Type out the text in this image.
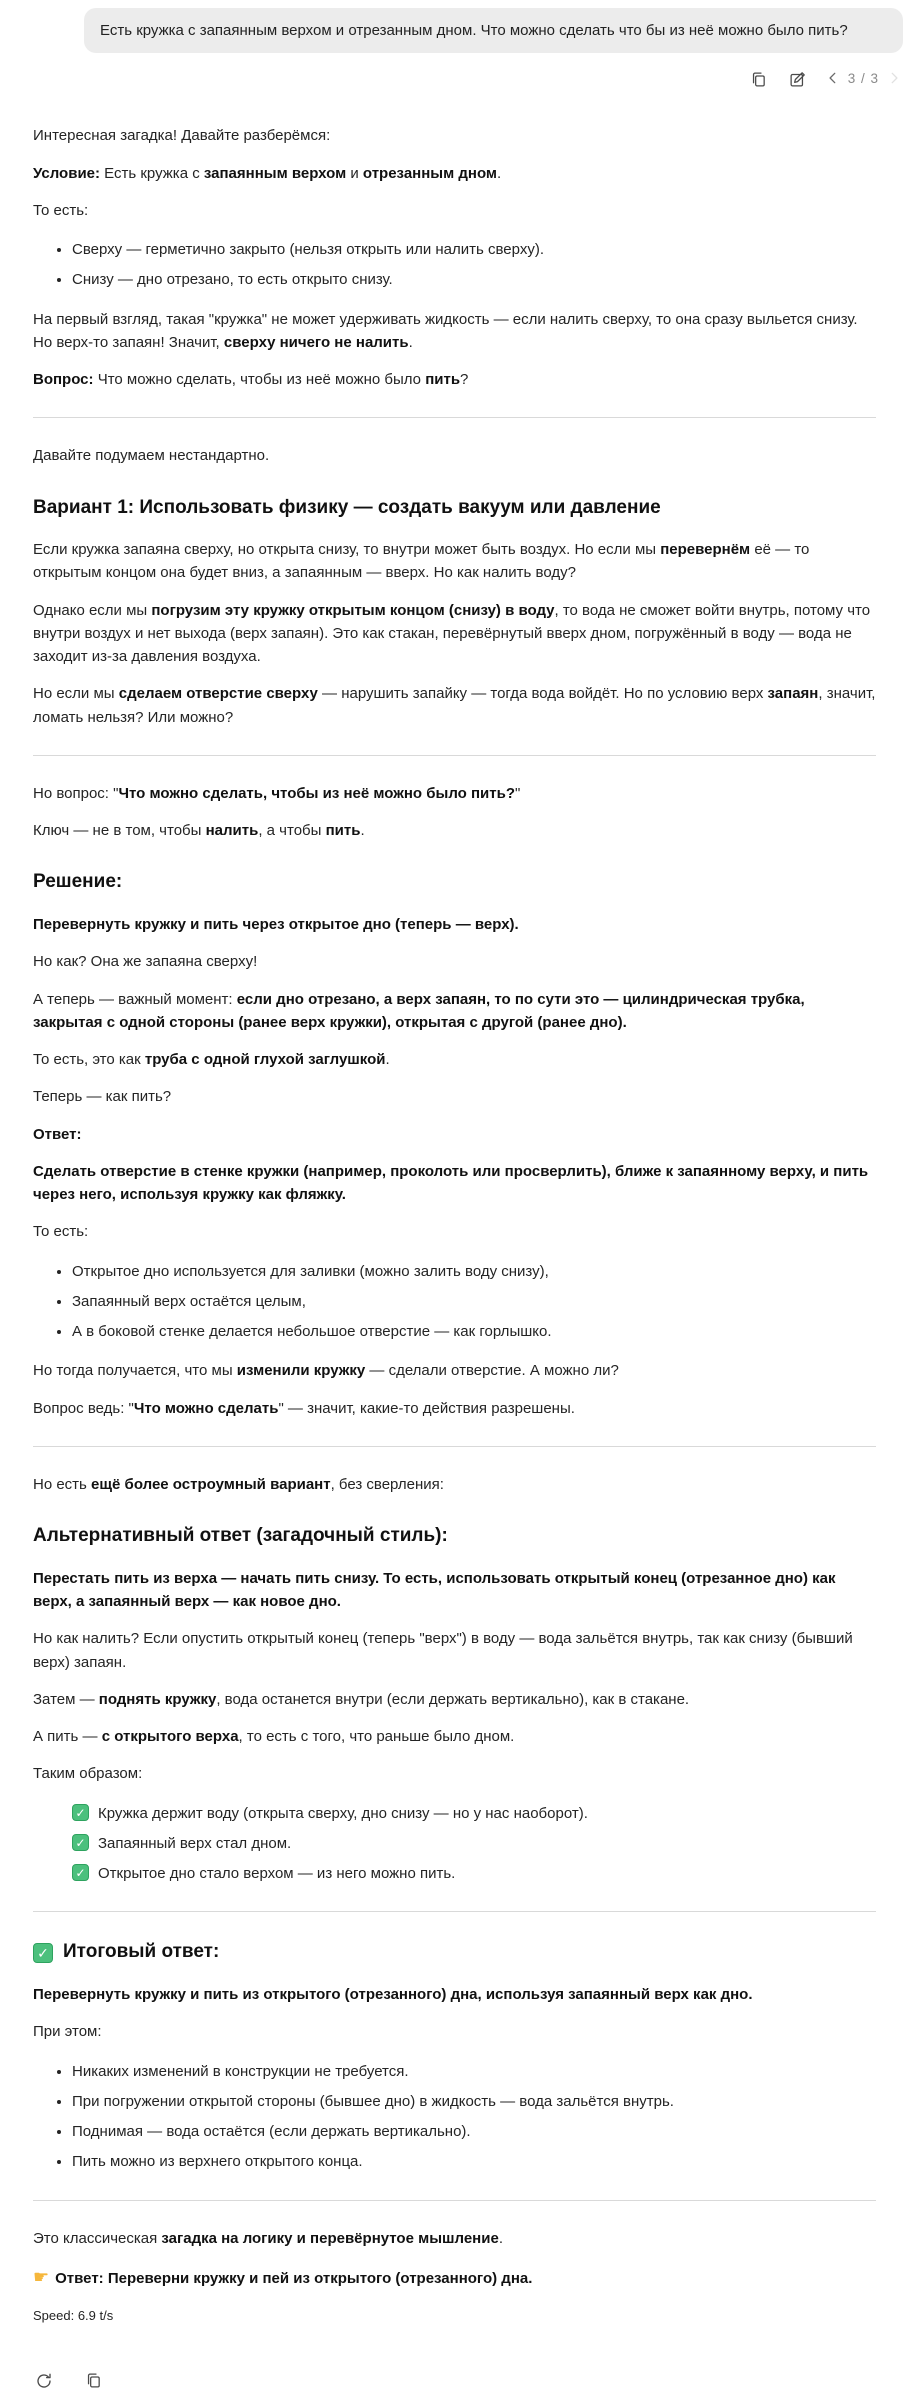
Есть кружка с запаянным верхом и отрезанным дном. Что можно сделать что бы из неё можно было пить?
3 / 3

Интересная загадка! Давайте разберёмся:

Условие: Есть кружка с запаянным верхом и отрезанным дном.

То есть:

• Сверху — герметично закрыто (нельзя открыть или налить сверху).
• Снизу — дно отрезано, то есть открыто снизу.

На первый взгляд, такая "кружка" не может удерживать жидкость — если налить сверху, то она сразу выльется снизу. Но верх-то запаян! Значит, сверху ничего не налить.

Вопрос: Что можно сделать, чтобы из неё можно было пить?

Давайте подумаем нестандартно.

Вариант 1: Использовать физику — создать вакуум или давление

Если кружка запаяна сверху, но открыта снизу, то внутри может быть воздух. Но если мы перевернём её — то открытым концом она будет вниз, а запаянным — вверх. Но как налить воду?

Однако если мы погрузим эту кружку открытым концом (снизу) в воду, то вода не сможет войти внутрь, потому что внутри воздух и нет выхода (верх запаян). Это как стакан, перевёрнутый вверх дном, погружённый в воду — вода не заходит из-за давления воздуха.

Но если мы сделаем отверстие сверху — нарушить запайку — тогда вода войдёт. Но по условию верх запаян, значит, ломать нельзя? Или можно?

Но вопрос: "Что можно сделать, чтобы из неё можно было пить?"

Ключ — не в том, чтобы налить, а чтобы пить.

Решение:

Перевернуть кружку и пить через открытое дно (теперь — верх).

Но как? Она же запаяна сверху!

А теперь — важный момент: если дно отрезано, а верх запаян, то по сути это — цилиндрическая трубка, закрытая с одной стороны (ранее верх кружки), открытая с другой (ранее дно).

То есть, это как труба с одной глухой заглушкой.

Теперь — как пить?

Ответ:

Сделать отверстие в стенке кружки (например, проколоть или просверлить), ближе к запаянному верху, и пить через него, используя кружку как фляжку.

То есть:

• Открытое дно используется для заливки (можно залить воду снизу),
• Запаянный верх остаётся целым,
• А в боковой стенке делается небольшое отверстие — как горлышко.

Но тогда получается, что мы изменили кружку — сделали отверстие. А можно ли?

Вопрос ведь: "Что можно сделать" — значит, какие-то действия разрешены.

Но есть ещё более остроумный вариант, без сверления:

Альтернативный ответ (загадочный стиль):

Перестать пить из верха — начать пить снизу. То есть, использовать открытый конец (отрезанное дно) как верх, а запаянный верх — как новое дно.

Но как налить? Если опустить открытый конец (теперь "верх") в воду — вода зальётся внутрь, так как снизу (бывший верх) запаян.

Затем — поднять кружку, вода останется внутри (если держать вертикально), как в стакане.

А пить — с открытого верха, то есть с того, что раньше было дном.

Таким образом:

✓ Кружка держит воду (открыта сверху, дно снизу — но у нас наоборот).
✓ Запаянный верх стал дном.
✓ Открытое дно стало верхом — из него можно пить.
✓ Итоговый ответ:

Перевернуть кружку и пить из открытого (отрезанного) дна, используя запаянный верх как дно.

При этом:

• Никаких изменений в конструкции не требуется.
• При погружении открытой стороны (бывшее дно) в жидкость — вода зальётся внутрь.
• Поднимая — вода остаётся (если держать вертикально).
• Пить можно из верхнего открытого конца.

Это классическая загадка на логику и перевёрнутое мышление.

☛ Ответ: Переверни кружку и пей из открытого (отрезанного) дна.

Speed: 6.9 t/s
